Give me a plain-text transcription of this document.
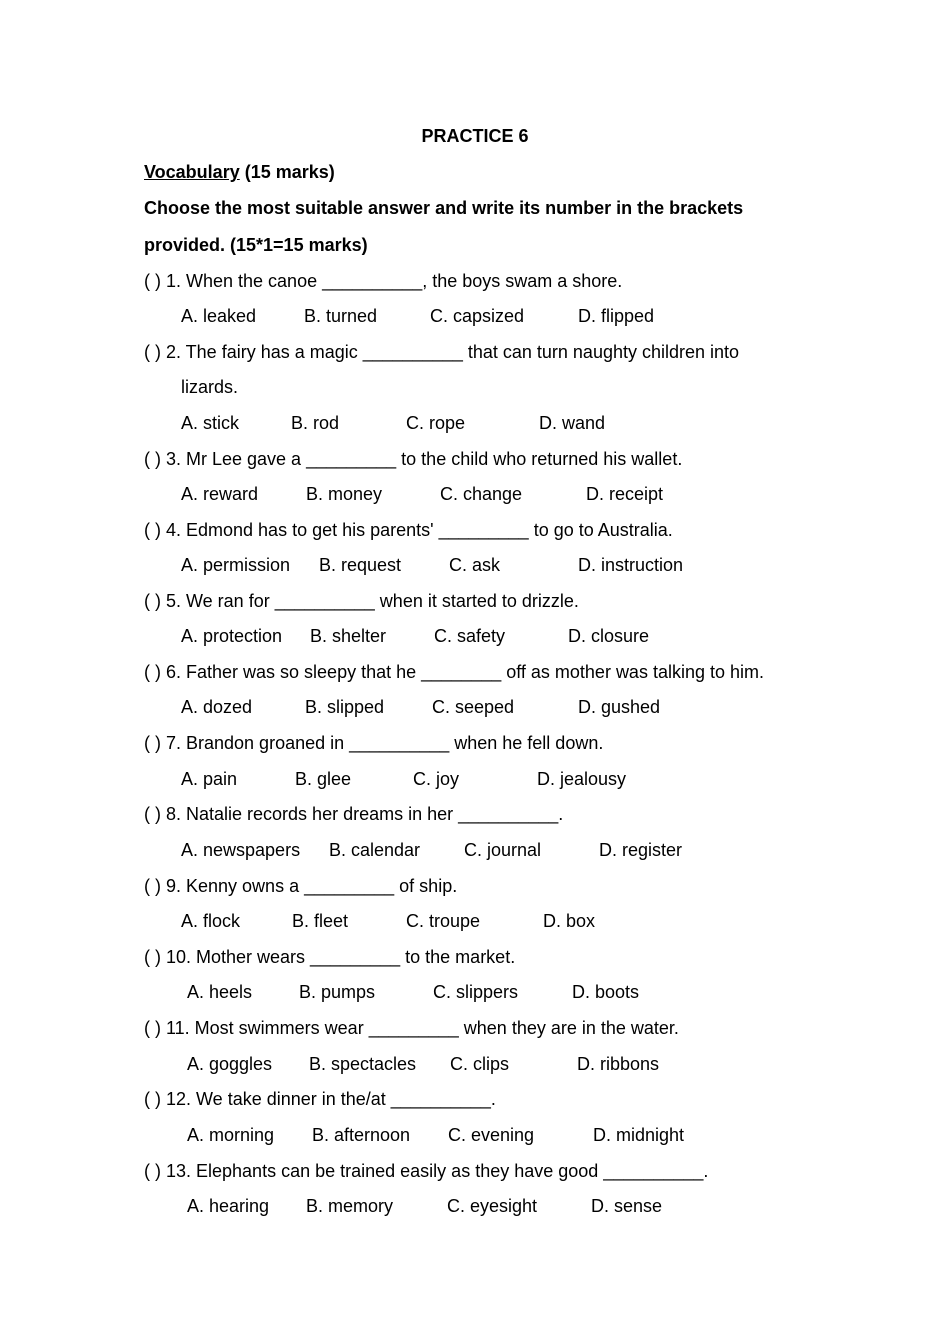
PRACTICE 6
Vocabulary (15 marks)
Choose the most suitable answer and write its number in the brackets
provided. (15*1=15 marks)
( ) 1. When the canoe __________, the boys swam a shore.
A. leaked	B. turned	C. capsized	D. flipped
( ) 2. The fairy has a magic __________ that can turn naughty children into
lizards.
A. stick	B. rod	C. rope	D. wand
( ) 3. Mr Lee gave a _________ to the child who returned his wallet.
A. reward	B. money	C. change	D. receipt
( ) 4. Edmond has to get his parents' _________ to go to Australia.
A. permission B. request	C. ask	D. instruction
( ) 5. We ran for __________ when it started to drizzle.
A. protection B. shelter	C. safety	D. closure
( ) 6. Father was so sleepy that he ________ off as mother was talking to him.
A. dozed	B. slipped	C. seeped	D. gushed
( ) 7. Brandon groaned in __________ when he fell down.
A. pain	B. glee	C. joy	D. jealousy
( ) 8. Natalie records her dreams in her __________.
A. newspapers B. calendar C. journal	D. register
( ) 9. Kenny owns a _________ of ship.
A. flock	B. fleet	C. troupe	D. box
( ) 10. Mother wears _________ to the market.
A. heels	B. pumps	C. slippers	D. boots
( ) 11. Most swimmers wear _________ when they are in the water.
A. goggles B. spectacles C. clips	D. ribbons
( ) 12. We take dinner in the/at __________.
A. morning B. afternoon C. evening	D. midnight
( ) 13. Elephants can be trained easily as they have good __________.
A. hearing B. memory	C. eyesight	D. sense
